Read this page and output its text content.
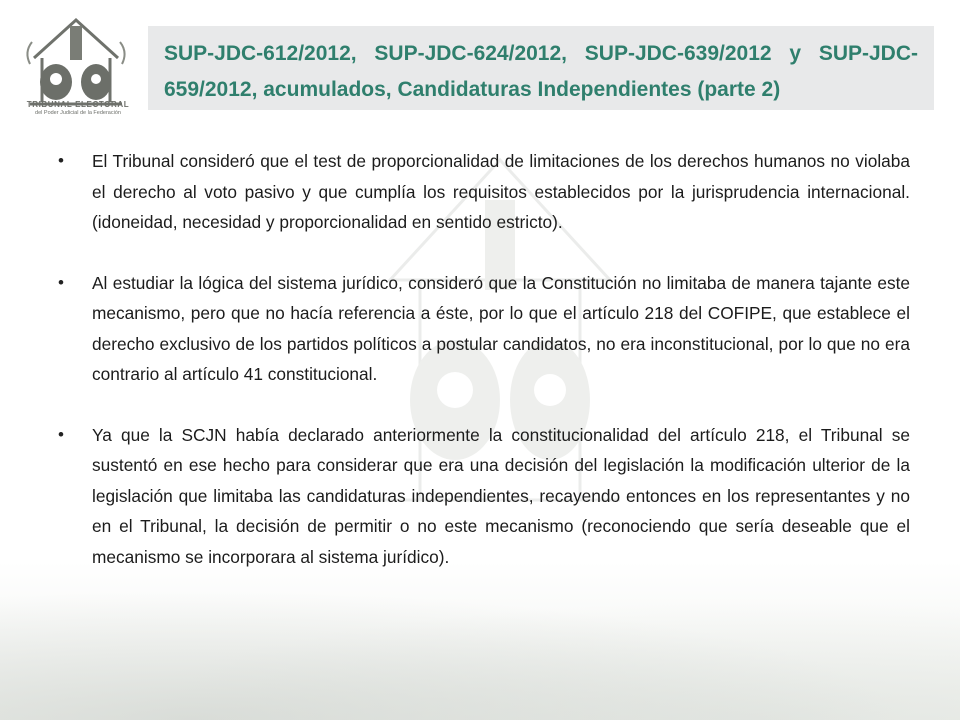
TRIBUNAL ELECTORAL
del Poder Judicial de la Federación
SUP-JDC-612/2012, SUP-JDC-624/2012, SUP-JDC-639/2012 y SUP-JDC-659/2012, acumulados, Candidaturas Independientes (parte 2)
• El Tribunal consideró que el test de proporcionalidad de limitaciones de los derechos humanos no violaba el derecho al voto pasivo y que cumplía los requisitos establecidos por la jurisprudencia internacional. (idoneidad, necesidad y proporcionalidad en sentido estricto).

• Al estudiar la lógica del sistema jurídico, consideró que la Constitución no limitaba de manera tajante este mecanismo, pero que no hacía referencia a éste, por lo que el artículo 218 del COFIPE, que establece el derecho exclusivo de los partidos políticos a postular candidatos, no era inconstitucional, por lo que no era contrario al artículo 41 constitucional.

• Ya que la SCJN había declarado anteriormente la constitucionalidad del artículo 218, el Tribunal se sustentó en ese hecho para considerar que era una decisión del legislación la modificación ulterior de la legislación que limitaba las candidaturas independientes, recayendo entonces en los representantes y no en el Tribunal, la decisión de permitir o no este mecanismo (reconociendo que sería deseable que el mecanismo se incorporara al sistema jurídico).
